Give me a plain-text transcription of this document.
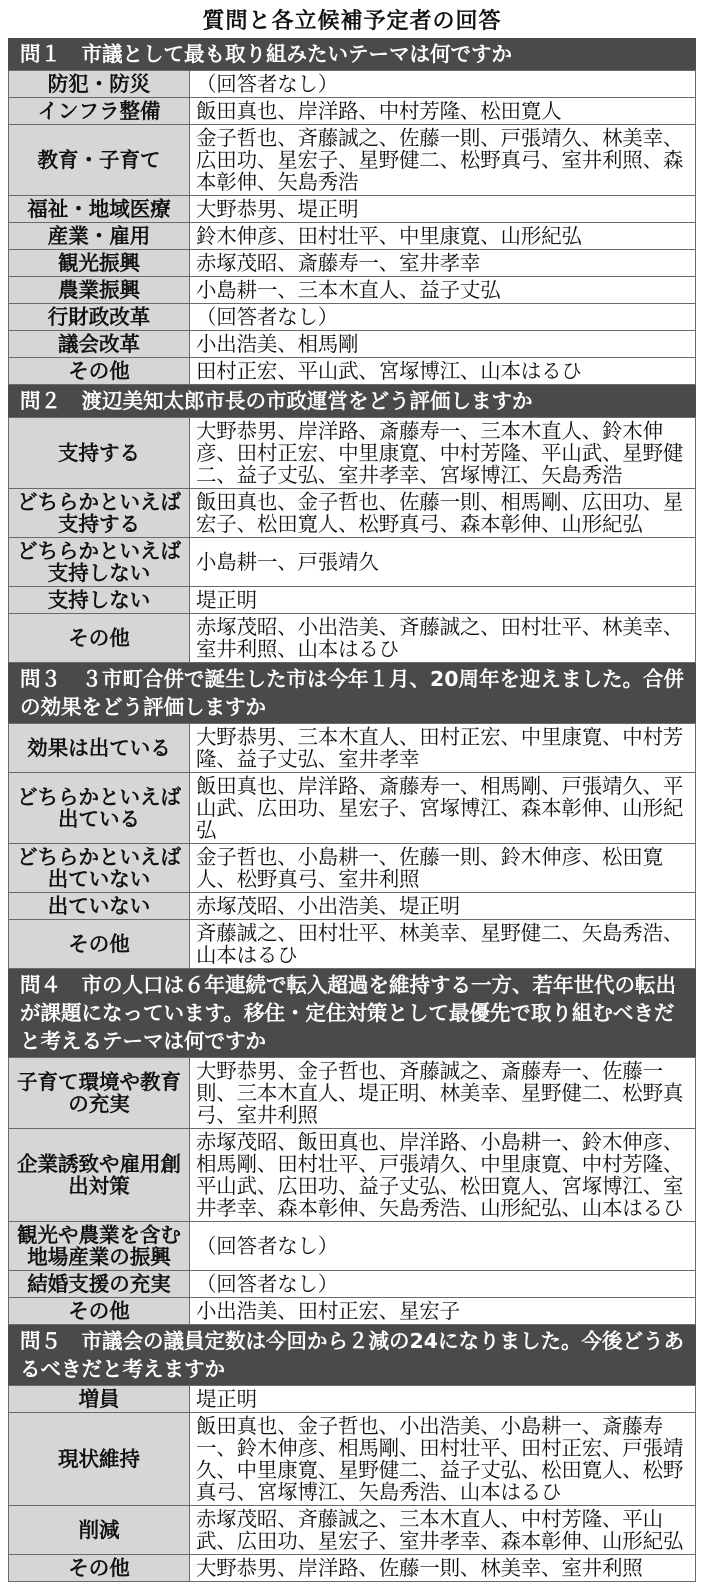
質問と各立候補予定者の回答
問１　市議として最も取り組みたいテーマは何ですか
防犯・防災	（回答者なし）
インフラ整備	飯田真也、岸洋路、中村芳隆、松田寛人
教育・子育て	金子哲也、斉藤誠之、佐藤一則、戸張靖久、林美幸、広田功、星宏子、星野健二、松野真弓、室井利照、森本彰伸、矢島秀浩
福祉・地域医療	大野恭男、堤正明
産業・雇用	鈴木伸彦、田村壮平、中里康寛、山形紀弘
観光振興	赤塚茂昭、斎藤寿一、室井孝幸
農業振興	小島耕一、三本木直人、益子丈弘
行財政改革	（回答者なし）
議会改革	小出浩美、相馬剛
その他	田村正宏、平山武、宮塚博江、山本はるひ
問２　渡辺美知太郎市長の市政運営をどう評価しますか
支持する	大野恭男、岸洋路、斎藤寿一、三本木直人、鈴木伸彦、田村正宏、中里康寛、中村芳隆、平山武、星野健二、益子丈弘、室井孝幸、宮塚博江、矢島秀浩
どちらかといえば支持する	飯田真也、金子哲也、佐藤一則、相馬剛、広田功、星宏子、松田寛人、松野真弓、森本彰伸、山形紀弘
どちらかといえば支持しない	小島耕一、戸張靖久
支持しない	堤正明
その他	赤塚茂昭、小出浩美、斉藤誠之、田村壮平、林美幸、室井利照、山本はるひ
問３　３市町合併で誕生した市は今年１月、20周年を迎えました。合併の効果をどう評価しますか
効果は出ている	大野恭男、三本木直人、田村正宏、中里康寛、中村芳隆、益子丈弘、室井孝幸
どちらかといえば出ている	飯田真也、岸洋路、斎藤寿一、相馬剛、戸張靖久、平山武、広田功、星宏子、宮塚博江、森本彰伸、山形紀弘
どちらかといえば出ていない	金子哲也、小島耕一、佐藤一則、鈴木伸彦、松田寛人、松野真弓、室井利照
出ていない	赤塚茂昭、小出浩美、堤正明
その他	斉藤誠之、田村壮平、林美幸、星野健二、矢島秀浩、山本はるひ
問４　市の人口は６年連続で転入超過を維持する一方、若年世代の転出が課題になっています。移住・定住対策として最優先で取り組むべきだと考えるテーマは何ですか
子育て環境や教育の充実	大野恭男、金子哲也、斉藤誠之、斎藤寿一、佐藤一則、三本木直人、堤正明、林美幸、星野健二、松野真弓、室井利照
企業誘致や雇用創出対策	赤塚茂昭、飯田真也、岸洋路、小島耕一、鈴木伸彦、相馬剛、田村壮平、戸張靖久、中里康寛、中村芳隆、平山武、広田功、益子丈弘、松田寛人、宮塚博江、室井孝幸、森本彰伸、矢島秀浩、山形紀弘、山本はるひ
観光や農業を含む地場産業の振興	（回答者なし）
結婚支援の充実	（回答者なし）
その他	小出浩美、田村正宏、星宏子
問５　市議会の議員定数は今回から２減の24になりました。今後どうあるべきだと考えますか
増員	堤正明
現状維持	飯田真也、金子哲也、小出浩美、小島耕一、斎藤寿一、鈴木伸彦、相馬剛、田村壮平、田村正宏、戸張靖久、中里康寛、星野健二、益子丈弘、松田寛人、松野真弓、宮塚博江、矢島秀浩、山本はるひ
削減	赤塚茂昭、斉藤誠之、三本木直人、中村芳隆、平山武、広田功、星宏子、室井孝幸、森本彰伸、山形紀弘
その他	大野恭男、岸洋路、佐藤一則、林美幸、室井利照
